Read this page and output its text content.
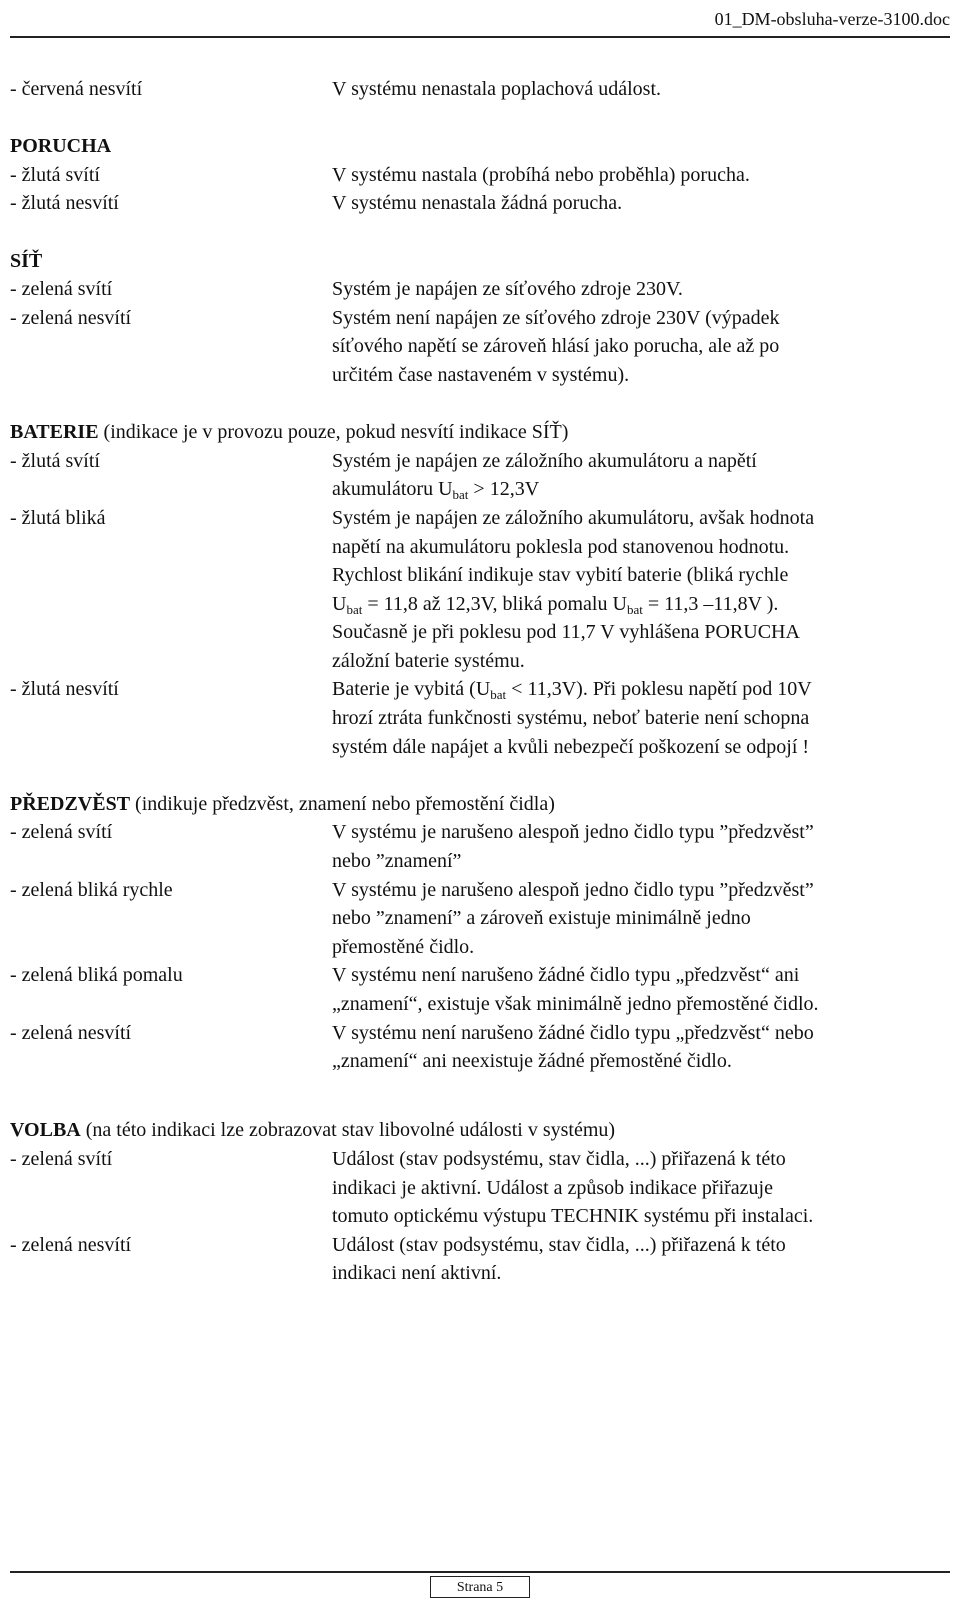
01_DM-obsluha-verze-3100.doc
- červená nesvítí	V systému nenastala poplachová událost.
PORUCHA
- žlutá svítí	V systému nastala (probíhá nebo proběhla) porucha.
- žlutá nesvítí	V systému nenastala žádná porucha.
SÍŤ
- zelená svítí	Systém je napájen ze síťového zdroje 230V.
- zelená nesvítí	Systém není napájen ze síťového zdroje 230V (výpadek
síťového napětí se zároveň hlásí jako porucha, ale až po
určitém čase nastaveném v systému).
BATERIE (indikace je v provozu pouze, pokud nesvítí indikace SÍŤ)
- žlutá svítí	Systém je napájen ze záložního akumulátoru a napětí
akumulátoru $U_{bat} > 12,3V$
- žlutá bliká	Systém je napájen ze záložního akumulátoru, avšak hodnota
napětí na akumulátoru poklesla pod stanovenou hodnotu.
Rychlost blikání indikuje stav vybití baterie (bliká rychle
$U_{bat} = 11,8$ až 12,3V, bliká pomalu $U_{bat} = 11,3$ –11,8V ).
Současně je při poklesu pod 11,7 V vyhlášena PORUCHA
záložní baterie systému.
- žlutá nesvítí	Baterie je vybitá $(U_{bat} < 11,3V)$. Při poklesu napětí pod 10V
hrozí ztráta funkčnosti systému, neboť baterie není schopna
systém dále napájet a kvůli nebezpečí poškození se odpojí !
PŘEDZVĚST (indikuje předzvěst, znamení nebo přemostění čidla)
- zelená svítí	V systému je narušeno alespoň jedno čidlo typu ”předzvěst”
nebo ”znamení”
- zelená bliká rychle	V systému je narušeno alespoň jedno čidlo typu ”předzvěst”
nebo ”znamení” a zároveň existuje minimálně jedno
přemostěné čidlo.
- zelená bliká pomalu	V systému není narušeno žádné čidlo typu „předzvěst“ ani
„znamení“, existuje však minimálně jedno přemostěné čidlo.
- zelená nesvítí	V systému není narušeno žádné čidlo typu „předzvěst“ nebo
„znamení“ ani neexistuje žádné přemostěné čidlo.
VOLBA (na této indikaci lze zobrazovat stav libovolné události v systému)
- zelená svítí	Událost (stav podsystému, stav čidla, ...) přiřazená k této
indikaci je aktivní. Událost a způsob indikace přiřazuje
tomuto optickému výstupu TECHNIK systému při instalaci.
- zelená nesvítí	Událost (stav podsystému, stav čidla, ...) přiřazená k této
indikaci není aktivní.
Strana 5
